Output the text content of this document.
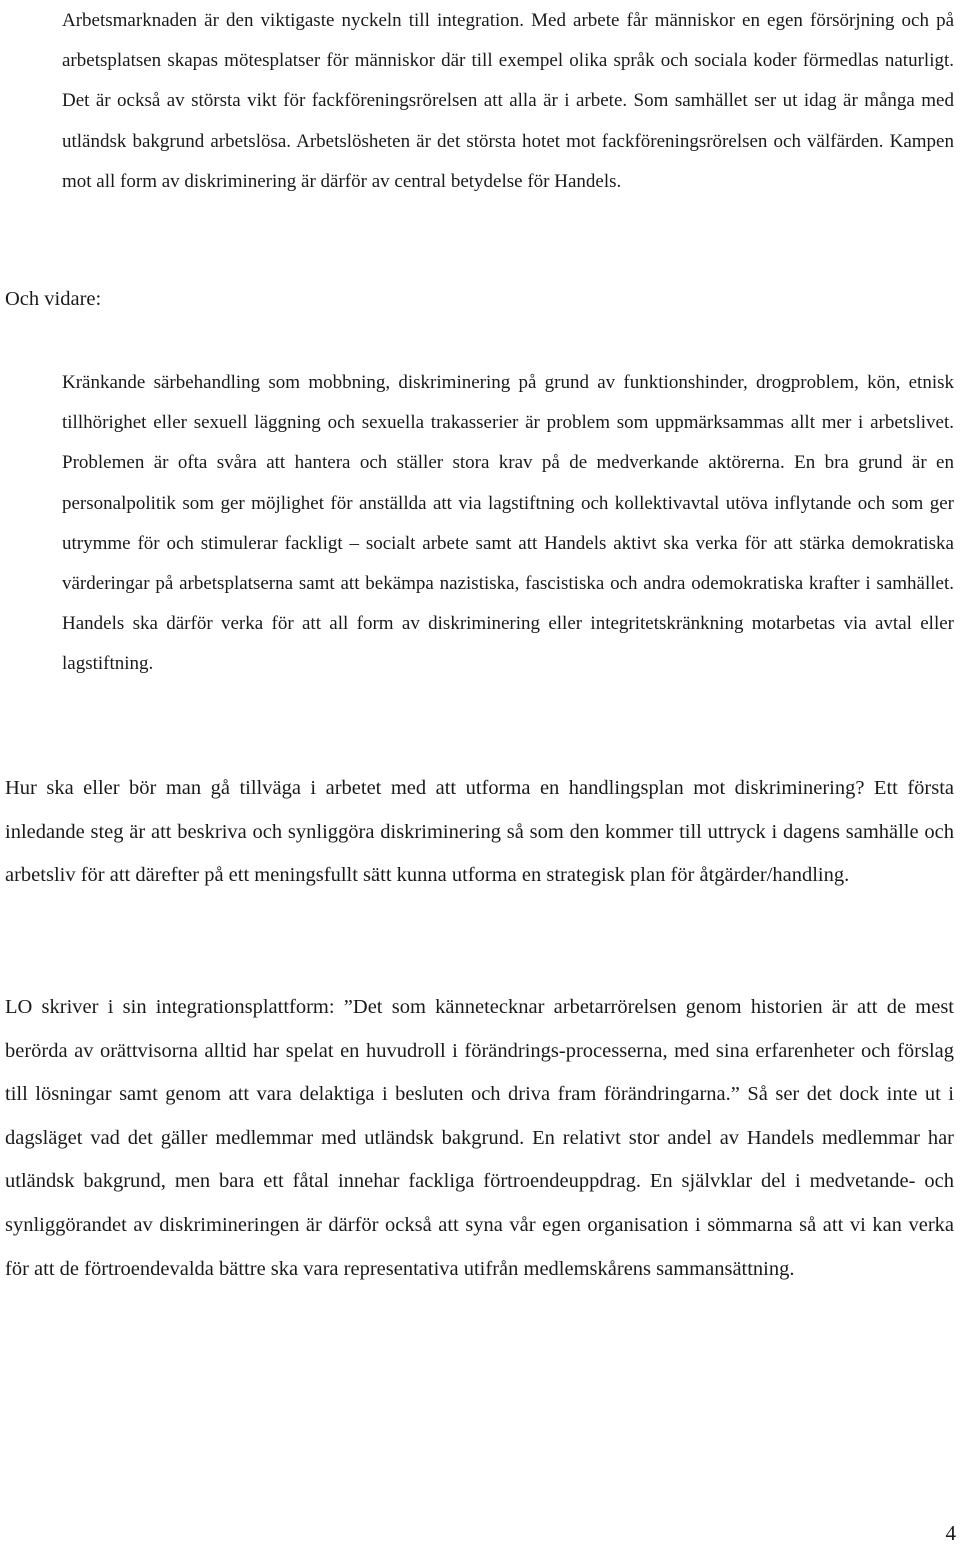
Arbetsmarknaden är den viktigaste nyckeln till integration. Med arbete får människor en egen försörjning och på arbetsplatsen skapas mötesplatser för människor där till exempel olika språk och sociala koder förmedlas naturligt. Det är också av största vikt för fackföreningsrörelsen att alla är i arbete. Som samhället ser ut idag är många med utländsk bakgrund arbetslösa. Arbetslösheten är det största hotet mot fackföreningsrörelsen och välfärden. Kampen mot all form av diskriminering är därför av central betydelse för Handels.

Och vidare:

Kränkande särbehandling som mobbning, diskriminering på grund av funktionshinder, drogproblem, kön, etnisk tillhörighet eller sexuell läggning och sexuella trakasserier är problem som uppmärksammas allt mer i arbetslivet. Problemen är ofta svåra att hantera och ställer stora krav på de medverkande aktörerna. En bra grund är en personalpolitik som ger möjlighet för anställda att via lagstiftning och kollektivavtal utöva inflytande och som ger utrymme för och stimulerar fackligt – socialt arbete samt att Handels aktivt ska verka för att stärka demokratiska värderingar på arbetsplatserna samt att bekämpa nazistiska, fascistiska och andra odemokratiska krafter i samhället. Handels ska därför verka för att all form av diskriminering eller integritetskränkning motarbetas via avtal eller lagstiftning.

Hur ska eller bör man gå tillväga i arbetet med att utforma en handlingsplan mot diskriminering? Ett första inledande steg är att beskriva och synliggöra diskriminering så som den kommer till uttryck i dagens samhälle och arbetsliv för att därefter på ett meningsfullt sätt kunna utforma en strategisk plan för åtgärder/handling.

LO skriver i sin integrationsplattform: ”Det som kännetecknar arbetarrörelsen genom historien är att de mest berörda av orättvisorna alltid har spelat en huvudroll i förändrings-processerna, med sina erfarenheter och förslag till lösningar samt genom att vara delaktiga i besluten och driva fram förändringarna.” Så ser det dock inte ut i dagsläget vad det gäller medlemmar med utländsk bakgrund. En relativt stor andel av Handels medlemmar har utländsk bakgrund, men bara ett fåtal innehar fackliga förtroendeuppdrag. En självklar del i medvetande- och synliggörandet av diskrimineringen är därför också att syna vår egen organisation i sömmarna så att vi kan verka för att de förtroendevalda bättre ska vara representativa utifrån medlemskårens sammansättning.

4
